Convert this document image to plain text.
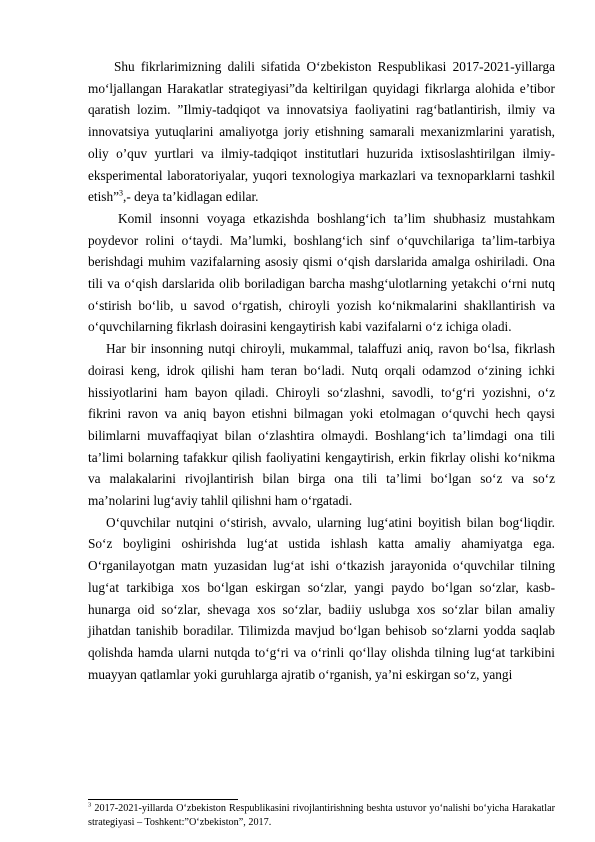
Shu fikrlarimizning dalili sifatida O‘zbekiston Respublikasi 2017-2021-yillarga mo‘ljallangan Harakatlar strategiyasi”da keltirilgan quyidagi fikrlarga alohida e’tibor qaratish lozim. ”Ilmiy-tadqiqot va innovatsiya faoliyatini rag‘batlantirish, ilmiy va innovatsiya yutuqlarini amaliyotga joriy etishning samarali mexanizmlarini yaratish, oliy o’quv yurtlari va ilmiy-tadqiqot institutlari huzurida ixtisoslashtirilgan ilmiy-eksperimental laboratoriyalar, yuqori texnologiya markazlari va texnoparklarni tashkil etish”$^3$,- deya ta’kidlagan edilar.

Komil insonni voyaga etkazishda boshlang‘ich ta’lim shubhasiz mustahkam poydevor rolini o‘taydi. Ma’lumki, boshlang‘ich sinf o‘quvchilariga ta’lim-tarbiya berishdagi muhim vazifalarning asosiy qismi o‘qish darslarida amalga oshiriladi. Ona tili va o‘qish darslarida olib boriladigan barcha mashg‘ulotlarning yetakchi o‘rni nutq o‘stirish bo‘lib, u savod o‘rgatish, chiroyli yozish ko‘nikmalarini shakllantirish va o‘quvchilarning fikrlash doirasini kengaytirish kabi vazifalarni o‘z ichiga oladi.

Har bir insonning nutqi chiroyli, mukammal, talaffuzi aniq, ravon bo‘lsa, fikrlash doirasi keng, idrok qilishi ham teran bo‘ladi. Nutq orqali odamzod o‘zining ichki hissiyotlarini ham bayon qiladi. Chiroyli so‘zlashni, savodli, to‘g‘ri yozishni, o‘z fikrini ravon va aniq bayon etishni bilmagan yoki etolmagan o‘quvchi hech qaysi bilimlarni muvaffaqiyat bilan o‘zlashtira olmaydi. Boshlang‘ich ta’limdagi ona tili ta’limi bolarning tafakkur qilish faoliyatini kengaytirish, erkin fikrlay olishi ko‘nikma va malakalarini rivojlantirish bilan birga ona tili ta’limi bo‘lgan so‘z va so‘z ma’nolarini lug‘aviy tahlil qilishni ham o‘rgatadi.

O‘quvchilar nutqini o‘stirish, avvalo, ularning lug‘atini boyitish bilan bog‘liqdir. So‘z boyligini oshirishda lug‘at ustida ishlash katta amaliy ahamiyatga ega. O‘rganilayotgan matn yuzasidan lug‘at ishi o‘tkazish jarayonida o‘quvchilar tilning lug‘at tarkibiga xos bo‘lgan eskirgan so‘zlar, yangi paydo bo‘lgan so‘zlar, kasb-hunarga oid so‘zlar, shevaga xos so‘zlar, badiiy uslubga xos so‘zlar bilan amaliy jihatdan tanishib boradilar. Tilimizda mavjud bo‘lgan behisob so‘zlarni yodda saqlab qolishda hamda ularni nutqda to‘g‘ri va o‘rinli qo‘llay olishda tilning lug‘at tarkibini muayyan qatlamlar yoki guruhlarga ajratib o‘rganish, ya’ni eskirgan so‘z, yangi

$^3$ 2017-2021-yillarda O‘zbekiston Respublikasini rivojlantirishning beshta ustuvor yo‘nalishi bo‘yicha Harakatlar strategiyasi – Toshkent:”O‘zbekiston”, 2017.
